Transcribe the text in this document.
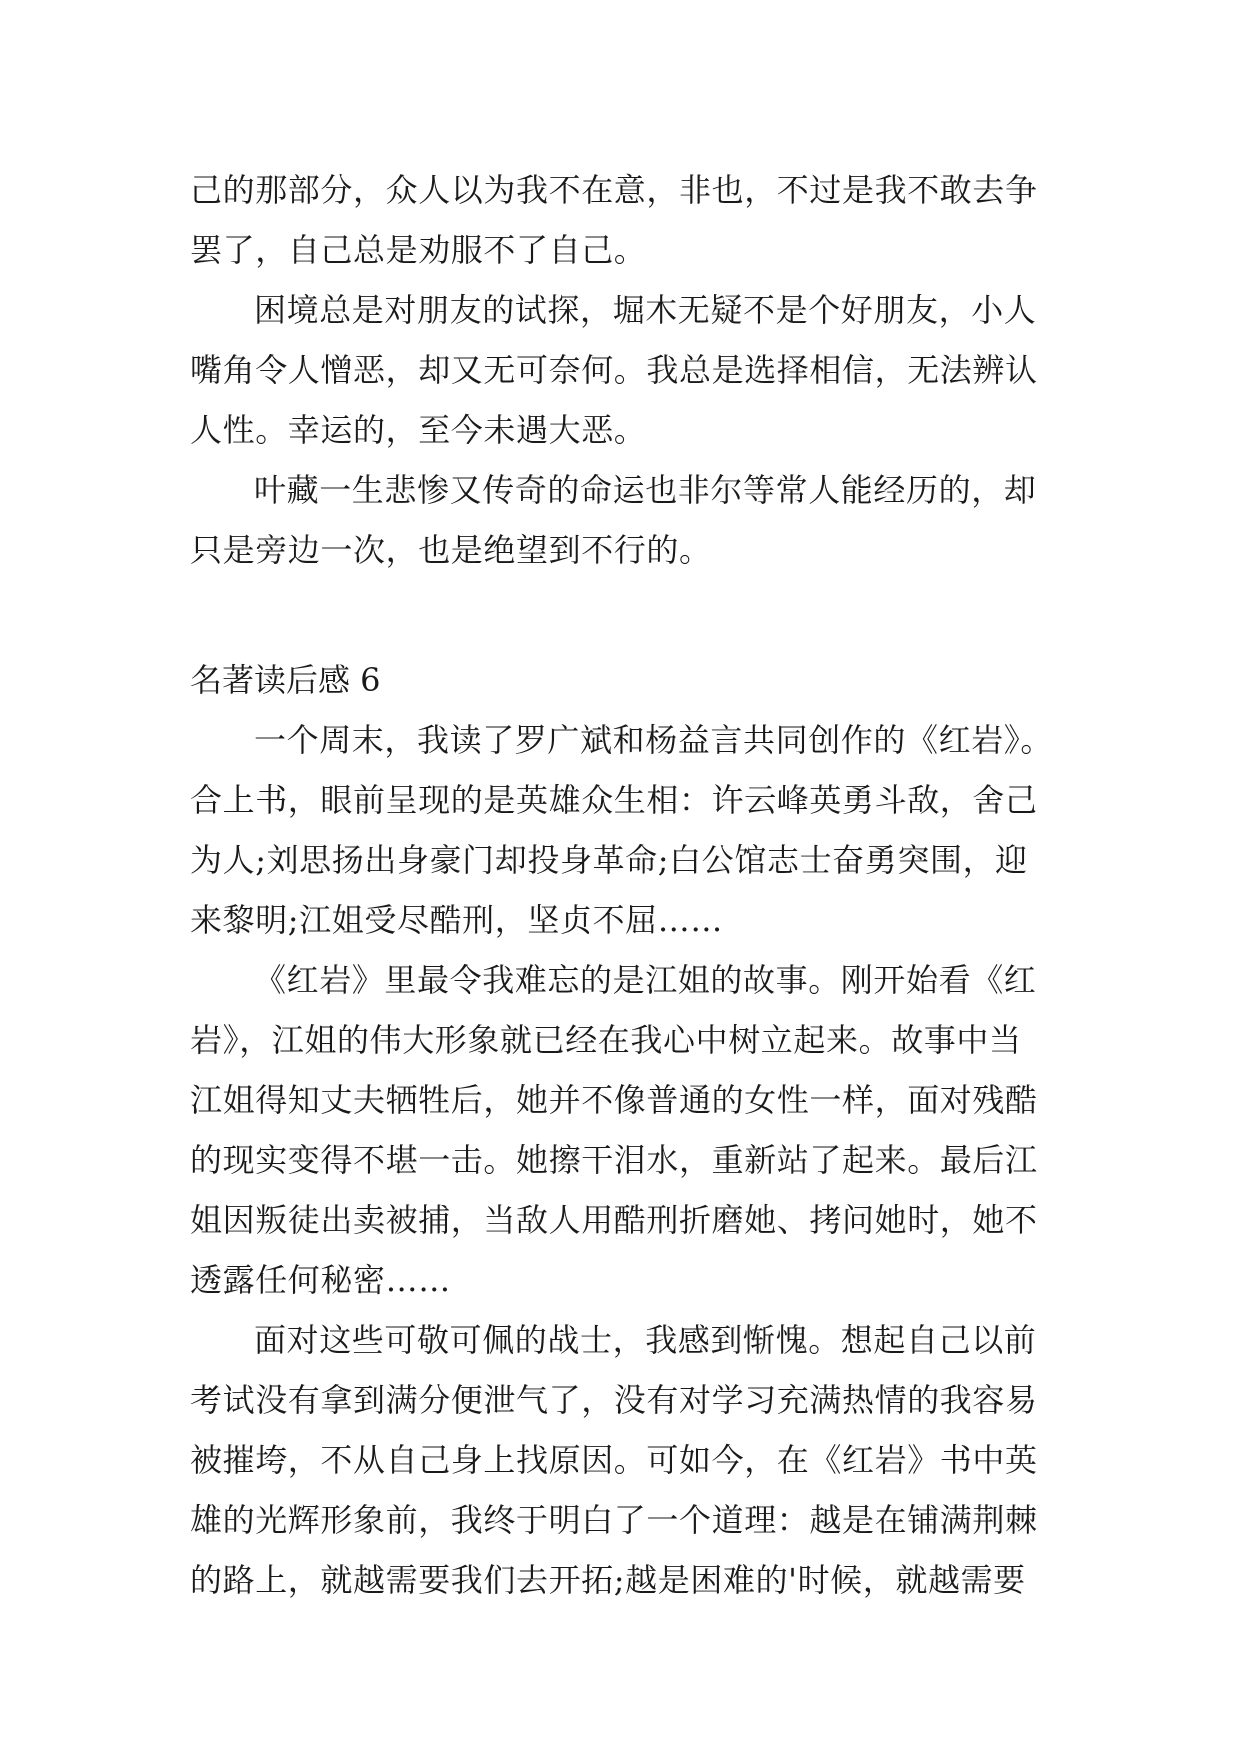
己的那部分，众人以为我不在意，非也，不过是我不敢去争
罢了，自己总是劝服不了自己。
困境总是对朋友的试探，堀木无疑不是个好朋友，小人
嘴角令人憎恶，却又无可奈何。我总是选择相信，无法辨认
人性。幸运的，至今未遇大恶。
叶藏一生悲惨又传奇的命运也非尔等常人能经历的，却
只是旁边一次，也是绝望到不行的。
名著读后感 6
一个周末，我读了罗广斌和杨益言共同创作的《红岩》。
合上书，眼前呈现的是英雄众生相：许云峰英勇斗敌，舍己
为人;刘思扬出身豪门却投身革命;白公馆志士奋勇突围，迎
来黎明;江姐受尽酷刑，坚贞不屈……
《红岩》里最令我难忘的是江姐的故事。刚开始看《红
岩》，江姐的伟大形象就已经在我心中树立起来。故事中当
江姐得知丈夫牺牲后，她并不像普通的女性一样，面对残酷
的现实变得不堪一击。她擦干泪水，重新站了起来。最后江
姐因叛徒出卖被捕，当敌人用酷刑折磨她、拷问她时，她不
透露任何秘密……
面对这些可敬可佩的战士，我感到惭愧。想起自己以前
考试没有拿到满分便泄气了，没有对学习充满热情的我容易
被摧垮，不从自己身上找原因。可如今，在《红岩》书中英
雄的光辉形象前，我终于明白了一个道理：越是在铺满荆棘
的路上，就越需要我们去开拓;越是困难的'时候，就越需要
